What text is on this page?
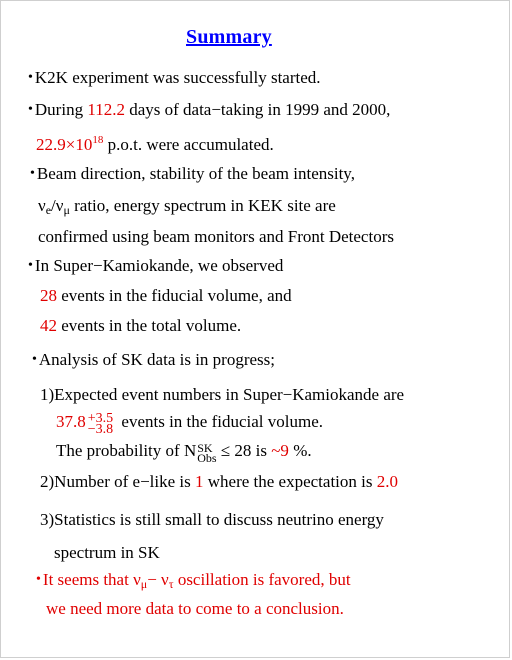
Summary
• K2K experiment was successfully started.
• During 112.2 days of data−taking in 1999 and 2000,
$22.9\times 10^{18}$ p.o.t. were accumulated.
• Beam direction, stability of the beam intensity,
$\nu_e/\nu_\mu$ ratio, energy spectrum in KEK site are
confirmed using beam monitors and Front Detectors
• In Super−Kamiokande, we observed
28 events in the fiducial volume, and
42 events in the total volume.
• Analysis of SK data is in progress;
1)Expected event numbers in Super−Kamiokande are
37.8 +3.5
−3.8 events in the fiducial volume.
The probability of N SK
Obs ≤ 28 is ~9 %.
2)Number of e−like is 1 where the expectation is 2.0
3)Statistics is still small to discuss neutrino energy
spectrum in SK
• It seems that $\nu_\mu- \nu_\tau$ oscillation is favored, but
we need more data to come to a conclusion.
